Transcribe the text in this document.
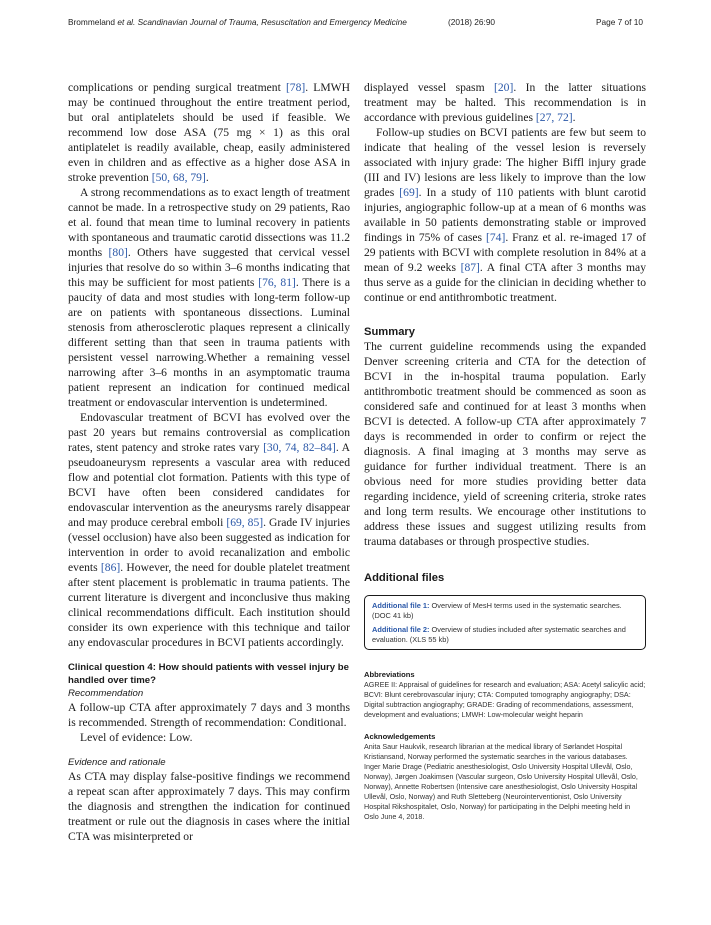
Brommeland et al. Scandinavian Journal of Trauma, Resuscitation and Emergency Medicine	(2018) 26:90	Page 7 of 10

complications or pending surgical treatment [78]. LMWH may be continued throughout the entire treatment period, but oral antiplatelets should be used if feasible. We recommend low dose ASA (75 mg × 1) as this oral antiplatelet is readily available, cheap, easily administered even in children and as effective as a higher dose ASA in stroke prevention [50, 68, 79].

A strong recommendations as to exact length of treatment cannot be made. In a retrospective study on 29 patients, Rao et al. found that mean time to luminal recovery in patients with spontaneous and traumatic carotid dissections was 11.2 months [80]. Others have suggested that cervical vessel injuries that resolve do so within 3–6 months indicating that this may be sufficient for most patients [76, 81]. There is a paucity of data and most studies with long-term follow-up are on patients with spontaneous dissections. Luminal stenosis from atherosclerotic plaques represent a clinically different setting than that seen in trauma patients with persistent vessel narrowing.Whether a remaining vessel narrowing after 3–6 months in an asymptomatic trauma patient represent an indication for continued medical treatment or endovascular intervention is undetermined.

Endovascular treatment of BCVI has evolved over the past 20 years but remains controversial as complication rates, stent patency and stroke rates vary [30, 74, 82–84]. A pseudoaneurysm represents a vascular area with reduced flow and potential clot formation. Patients with this type of BCVI have often been considered candidates for endovascular intervention as the aneurysms rarely disappear and may produce cerebral emboli [69, 85]. Grade IV injuries (vessel occlusion) have also been suggested as indication for intervention in order to avoid recanalization and embolic events [86]. However, the need for double platelet treatment after stent placement is problematic in trauma patients. The current literature is divergent and inconclusive thus making clinical recommendations difficult. Each institution should consider its own experience with this technique and tailor any endovascular procedures in BCVI patients accordingly.

Clinical question 4: How should patients with vessel injury be handled over time?
Recommendation

A follow-up CTA after approximately 7 days and 3 months is recommended. Strength of recommendation: Conditional.

Level of evidence: Low.

Evidence and rationale

As CTA may display false-positive findings we recommend a repeat scan after approximately 7 days. This may confirm the diagnosis and strengthen the indication for continued treatment or rule out the diagnosis in cases where the initial CTA was misinterpreted or

displayed vessel spasm [20]. In the latter situations treatment may be halted. This recommendation is in accordance with previous guidelines [27, 72].

Follow-up studies on BCVI patients are few but seem to indicate that healing of the vessel lesion is reversely associated with injury grade: The higher Biffl injury grade (III and IV) lesions are less likely to improve than the low grades [69]. In a study of 110 patients with blunt carotid injuries, angiographic follow-up at a mean of 6 months was available in 50 patients demonstrating stable or improved findings in 75% of cases [74]. Franz et al. re-imaged 17 of 29 patients with BCVI with complete resolution in 84% at a mean of 9.2 weeks [87]. A final CTA after 3 months may thus serve as a guide for the clinician in deciding whether to continue or end antithrombotic treatment.

Summary

The current guideline recommends using the expanded Denver screening criteria and CTA for the detection of BCVI in the in-hospital trauma population. Early antithrombotic treatment should be commenced as soon as considered safe and continued for at least 3 months when BCVI is detected. A follow-up CTA after approximately 7 days is recommended in order to confirm or reject the diagnosis. A final imaging at 3 months may serve as guidance for further individual treatment. There is an obvious need for more studies providing better data regarding incidence, yield of screening criteria, stroke rates and long term results. We encourage other institutions to address these issues and suggest utilizing results from trauma databases or through prospective studies.

Additional files
Additional file 1: Overview of MesH terms used in the systematic searches. (DOC 41 kb)
Additional file 2: Overview of studies included after systematic searches and evaluation. (XLS 55 kb)
Abbreviations

AGREE II: Appraisal of guidelines for research and evaluation; ASA: Acetyl salicylic acid; BCVI: Blunt cerebrovascular injury; CTA: Computed tomography angiography; DSA: Digital subtraction angiography; GRADE: Grading of recommendations, assessment, development and evaluations; LMWH: Low-molecular weight heparin

Acknowledgements

Anita Saur Haukvik, research librarian at the medical library of Sørlandet Hospital Kristiansand, Norway performed the systematic searches in the various databases. Inger Marie Drage (Pediatric anesthesiologist, Oslo University Hospital Ullevål, Oslo, Norway), Jørgen Joakimsen (Vascular surgeon, Oslo University Hospital Ullevål, Oslo, Norway), Annette Robertsen (Intensive care anesthesiologist, Oslo University Hospital Ullevål, Oslo, Norway) and Ruth Sletteberg (Neurointerventionist, Oslo University Hospital Rikshospitalet, Oslo, Norway) for participating in the Delphi meeting held in Oslo June 4, 2018.
